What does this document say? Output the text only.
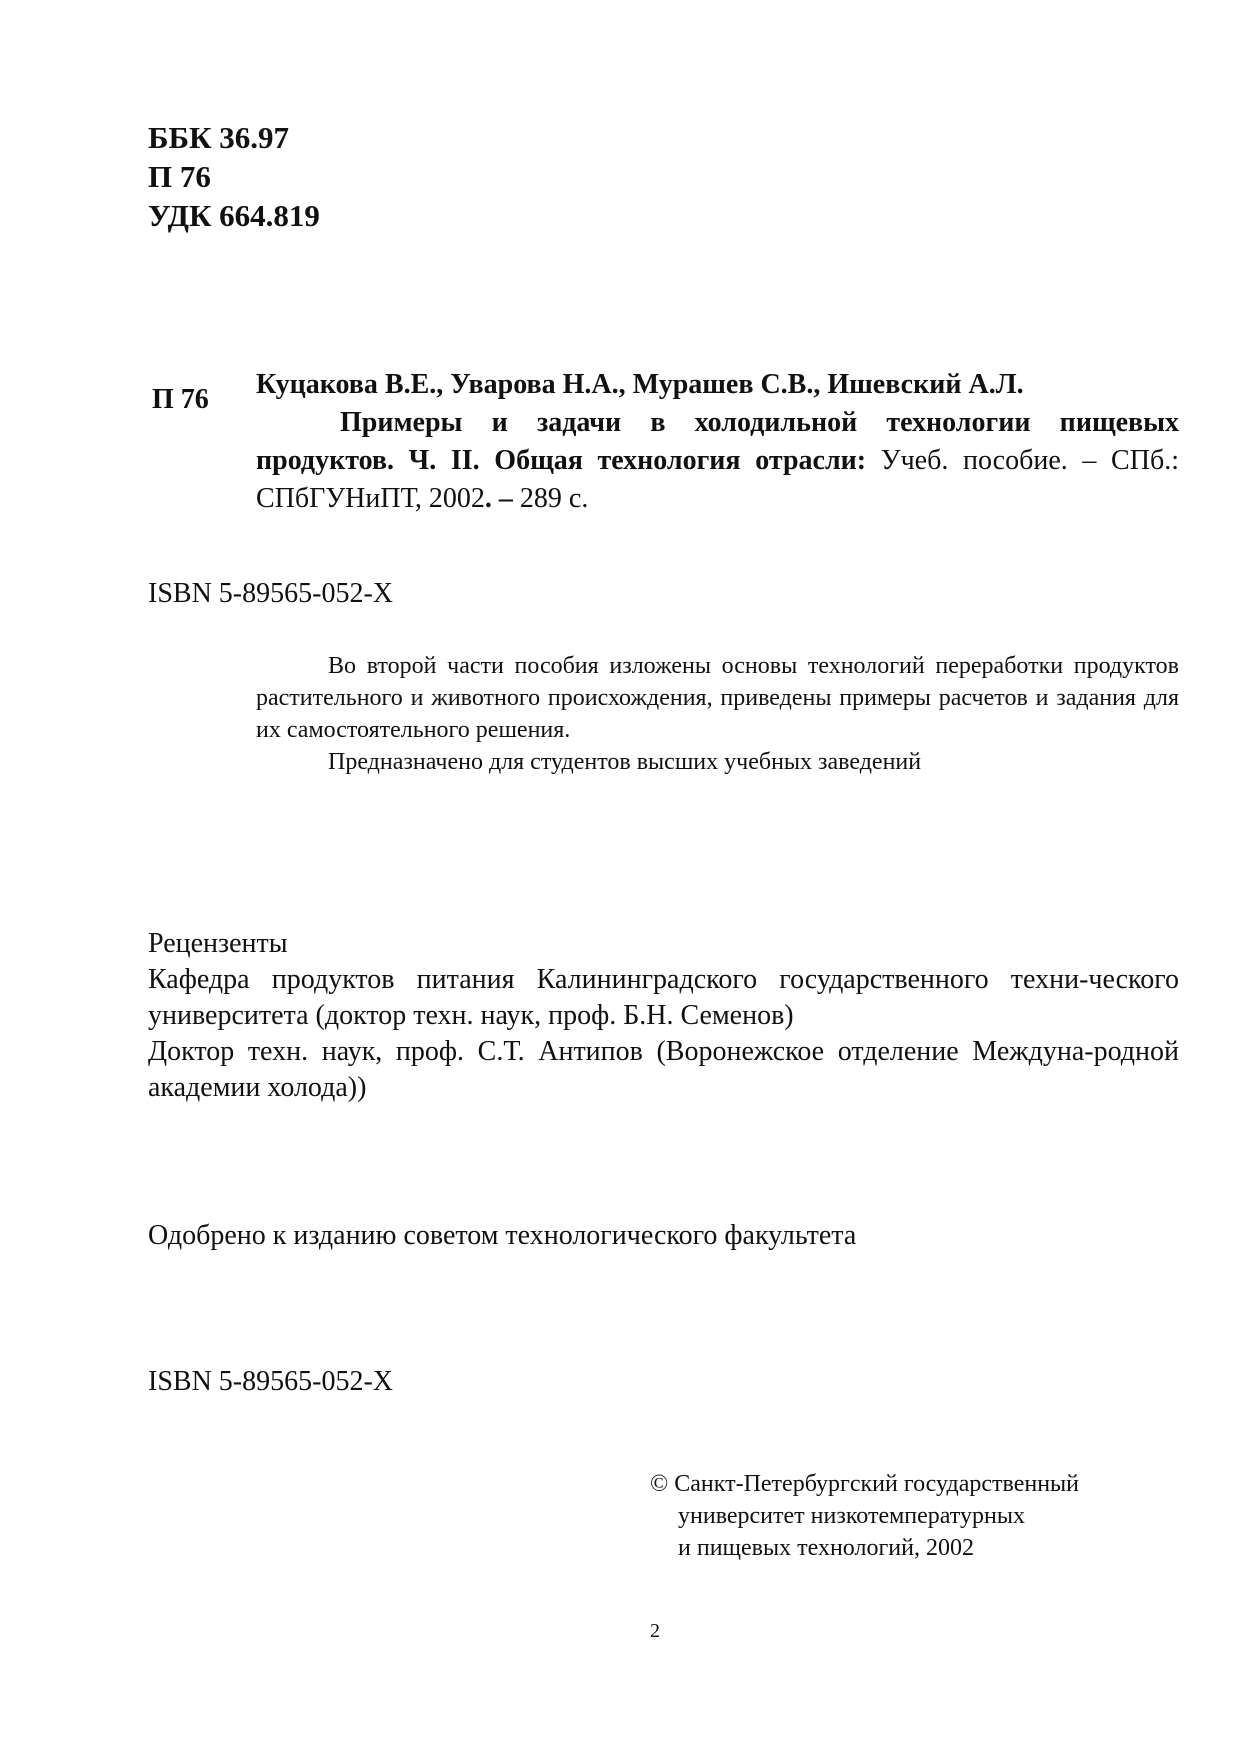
ББК 36.97
П 76
УДК 664.819
П 76 Куцакова В.Е., Уварова Н.А., Мурашев С.В., Ишевский А.Л.
Примеры и задачи в холодильной технологии пищевых продуктов. Ч. II. Общая технология отрасли: Учеб. пособие. – СПб.: СПбГУНиПТ, 2002. – 289 с.
ISBN 5-89565-052-X

Во второй части пособия изложены основы технологий переработки продуктов растительного и животного происхождения, приведены примеры расчетов и задания для их самостоятельного решения.

Предназначено для студентов высших учебных заведений

Рецензенты

Кафедра продуктов питания Калининградского государственного техни-ческого университета (доктор техн. наук, проф. Б.Н. Семенов)

Доктор техн. наук, проф. С.Т. Антипов (Воронежское отделение Междуна-родной академии холода))

Одобрено к изданию советом технологического факультета
ISBN 5-89565-052-X
© Санкт-Петербургский государственный
университет низкотемпературных
и пищевых технологий, 2002
2
